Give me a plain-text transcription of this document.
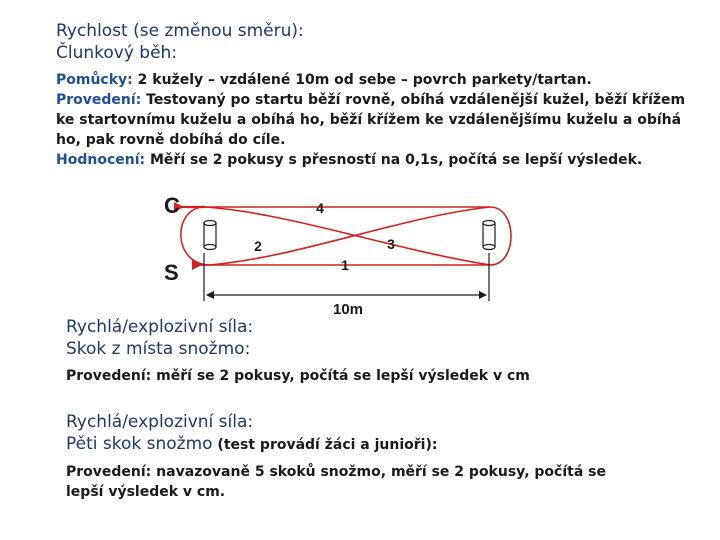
Rychlost (se změnou směru):
Člunkový běh:
Pomůcky: 2 kužely – vzdálené 10m od sebe – povrch parkety/tartan.
Provedení: Testovaný po startu běží rovně, obíhá vzdálenější kužel, běží křížem ke startovnímu kuželu a obíhá ho, běží křížem ke vzdálenějšímu kuželu a obíhá ho, pak rovně dobíhá do cíle.
Hodnocení: Měří se 2 pokusy s přesností na 0,1s, počítá se lepší výsledek.
C
S
4
2	3
1
10m
Rychlá/explozivní síla:
Skok z místa snožmo:
Provedení: měří se 2 pokusy, počítá se lepší výsledek v cm
Rychlá/explozivní síla:
Pěti skok snožmo (test provádí žáci a junioři):
Provedení: navazovaně 5 skoků snožmo, měří se 2 pokusy, počítá se lepší výsledek v cm.
